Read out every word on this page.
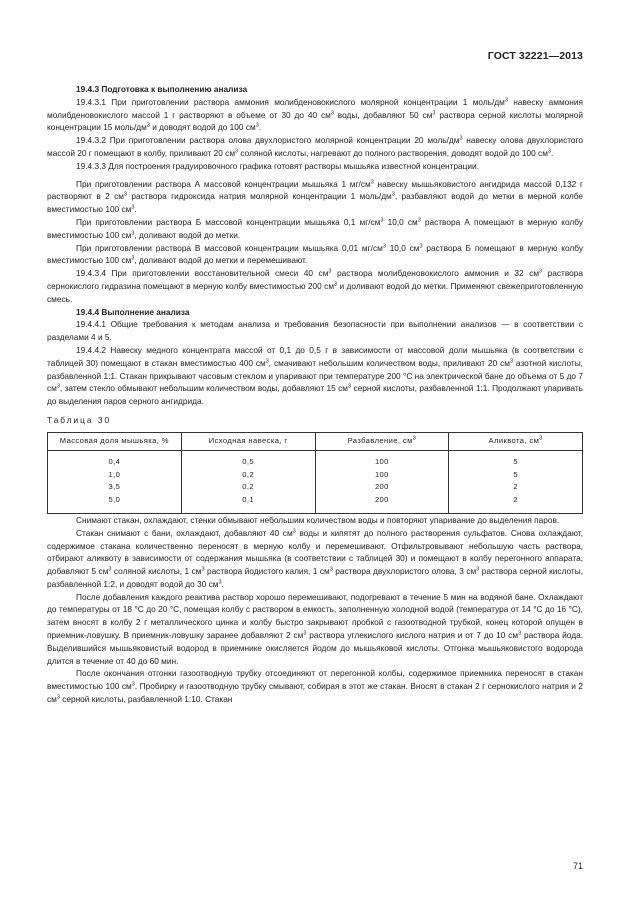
ГОСТ 32221—2013

19.4.3 Подготовка к выполнению анализа

19.4.3.1 При приготовлении раствора аммония молибденовокислого молярной концентрации 1 моль/$дм^3$ навеску аммония молибденовокислого массой 1 г растворяют в объеме от 30 до 40 $см^3$ воды, добавляют 50 $см^3$ раствора серной кислоты молярной концентрации 15 моль/$дм^3$ и доводят водой до 100 $см^3$.

19.4.3.2 При приготовлении раствора олова двухлористого молярной концентрации 20 моль/$дм^3$ навеску олова двухлористого массой 20 г помещают в колбу, приливают 20 $см^3$ соляной кислоты, нагревают до полного растворения, доводят водой до 100 $см^3$.

19.4.3.3 Для построения градуировочного графика готовят растворы мышьяка известной концентрации.

При приготовлении раствора А массовой концентрации мышьяка 1 $мг/см^3$ навеску мышьяковистого ангидрида массой 0,132 г растворяют в 2 $см^3$ раствора гидроксида натрия молярной концентрации 1 моль/$дм^3$, разбавляют водой до метки в мерной колбе вместимостью 100 $см^3$.

При приготовлении раствора Б массовой концентрации мышьяка 0,1 $мг/см^3$ 10,0 $см^3$ раствора А помещают в мерную колбу вместимостью 100 $см^3$, доливают водой до метки.

При приготовлении раствора В массовой концентрации мышьяка 0,01 $мг/см^3$ 10,0 $см^3$ раствора Б помещают в мерную колбу вместимостью 100 $см^3$, доливают водой до метки и перемешивают.

19.4.3.4 При приготовлении восстановительной смеси 40 $см^3$ раствора молибденовокислого аммония и 32 $см^3$ раствора сернокислого гидразина помещают в мерную колбу вместимостью 200 $см^3$ и доливают водой до метки. Применяют свежеприготовленную смесь.

19.4.4 Выполнение анализа

19.4.4.1 Общие требования к методам анализа и требования безопасности при выполнении анализов — в соответствии с разделами 4 и 5.

19.4.4.2 Навеску медного концентрата массой от 0,1 до 0,5 г в зависимости от массовой доли мышьяка (в соответствии с таблицей 30) помещают в стакан вместимостью 400 $см^3$, смачивают небольшим количеством воды, приливают 20 $см^3$ азотной кислоты, разбавленной 1:1. Стакан прикрывают часовым стеклом и упаривают при температуре 200 °С на электрической бане до объема от 5 до 7 $см^3$, затем стекло обмывают небольшим количеством воды, добавляют 15 $см^3$ серной кислоты, разбавленной 1:1. Продолжают упаривать до выделения паров серного ангидрида.

Таблица 30
Массовая доля мышьяка, %	Исходная навеска, г	Разбавление, $см^3$	Аликвота, $см^3$

0,4	0,5	100	5
1,0	0,2	100	5
3,5	0,2	200	2
5,0	0,1	200	2

Снимают стакан, охлаждают, стенки обмывают небольшим количеством воды и повторяют упаривание до выделения паров.

Стакан снимают с бани, охлаждают, добавляют 40 $см^3$ воды и кипятят до полного растворения сульфатов. Снова охлаждают, содержимое стакана количественно переносят в мерную колбу и перемешивают. Отфильтровывают небольшую часть раствора, отбирают аликвоту в зависимости от содержания мышьяка (в соответствии с таблицей 30) и помещают в колбу перегонного аппарата, добавляют 5 $см^3$ соляной кислоты, 1 $см^3$ раствора йодистого калия, 1 $см^3$ раствора двухлористого олова, 3 $см^3$ раствора серной кислоты, разбавленной 1:2, и доводят водой до 30 $см^3$.

После добавления каждого реактива раствор хорошо перемешивают, подогревают в течение 5 мин на водяной бане. Охлаждают до температуры от 18 °С до 20 °С, помещая колбу с раствором в емкость, заполненную холодной водой (температура от 14 °С до 16 °С), затем вносят в колбу 2 г металлического цинка и колбу быстро закрывают пробкой с газоотводной трубкой, конец которой опущен в приемник-ловушку. В приемник-ловушку заранее добавляют 2 $см^3$ раствора углекислого кислого натрия и от 7 до 10 $см^3$ раствора йода. Выделившийся мышьяковистый водород в приемнике окисляется йодом до мышьяковой кислоты. Отгонка мышьяковистого водорода длится в течение от 40 до 60 мин.

После окончания отгонки газоотводную трубку отсоединяют от перегонной колбы, содержимое приемника переносят в стакан вместимостью 100 $см^3$. Пробирку и газоотводную трубку смывают, собирая в этот же стакан. Вносят в стакан 2 г сернокислого натрия и 2 $см^3$ серной кислоты, разбавленной 1:10. Стакан

71
